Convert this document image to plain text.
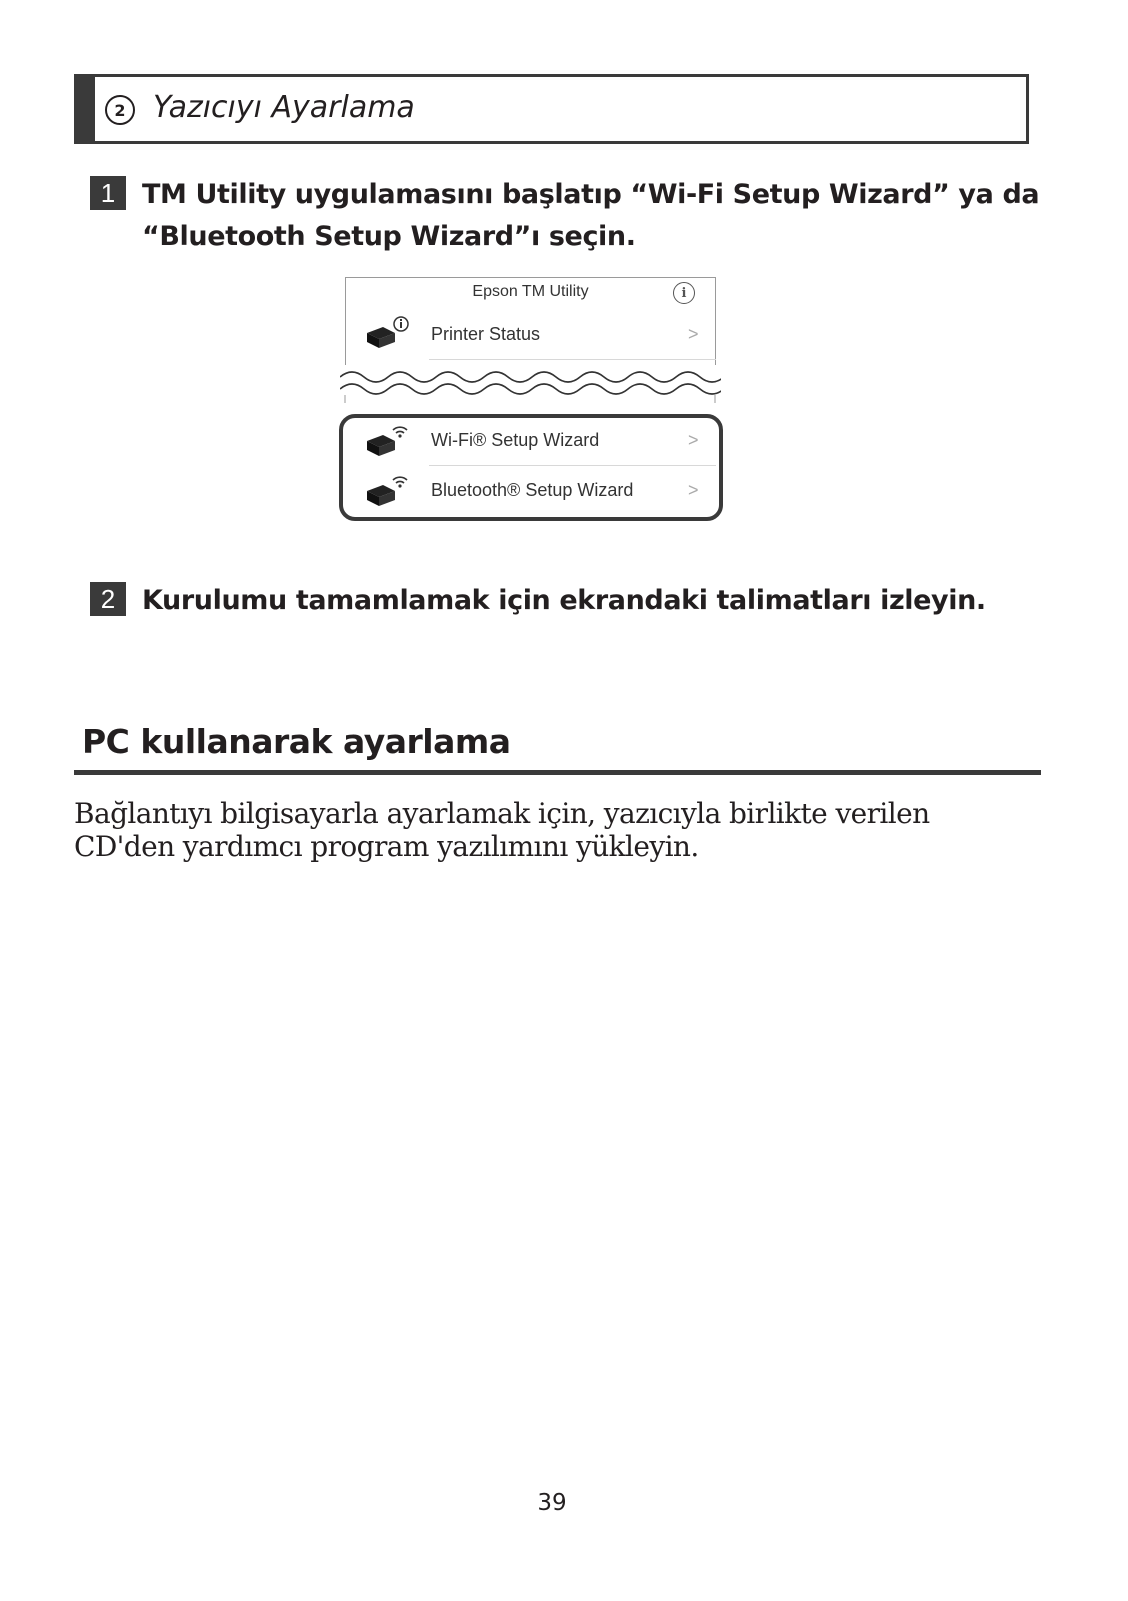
2 Yazıcıyı Ayarlama
1 TM Utility uygulamasını başlatıp “Wi-Fi Setup Wizard” ya da
“Bluetooth Setup Wizard”ı seçin.
Epson TM Utility	i
Printer Status	>
Wi-Fi® Setup Wizard	>
Bluetooth® Setup Wizard	>
2 Kurulumu tamamlamak için ekrandaki talimatları izleyin.
PC kullanarak ayarlama
Bağlantıyı bilgisayarla ayarlamak için, yazıcıyla birlikte verilen CD'den yardımcı program yazılımını yükleyin.
39
